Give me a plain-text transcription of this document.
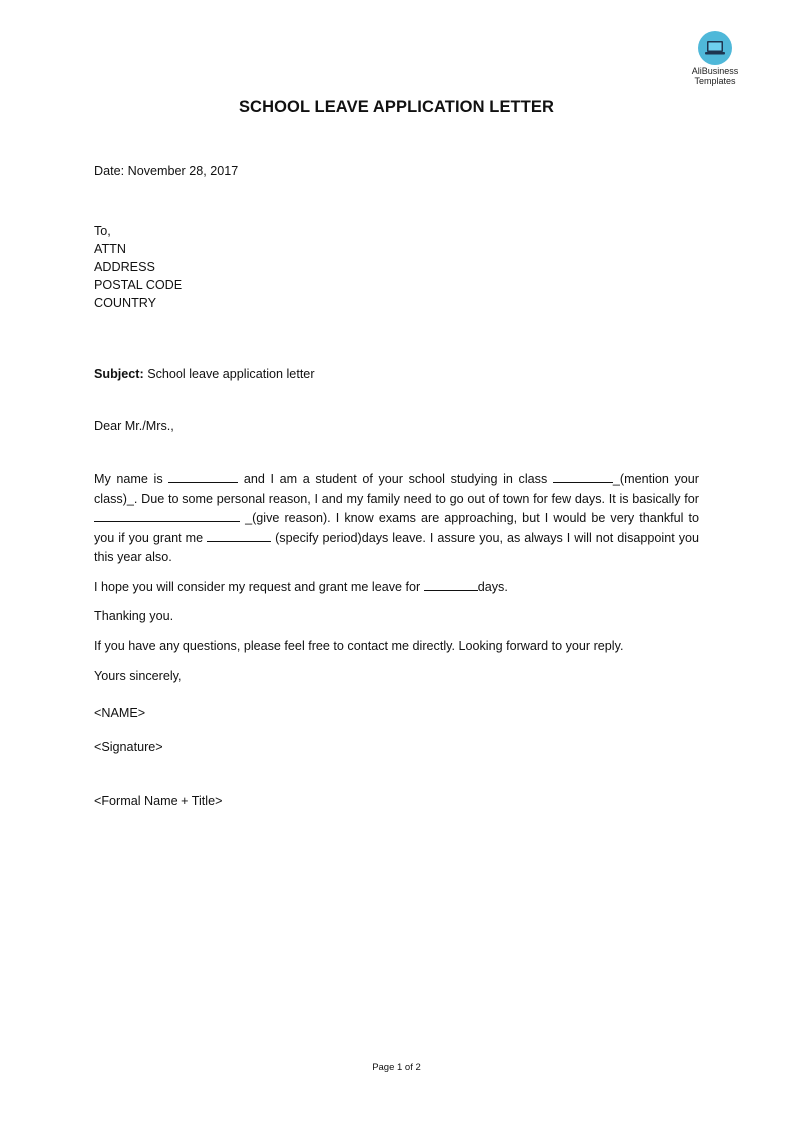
AliBusiness
Templates
SCHOOL LEAVE APPLICATION LETTER
Date: November 28, 2017
To,
ATTN
ADDRESS
POSTAL CODE
COUNTRY
Subject: School leave application letter
Dear Mr./Mrs.,
My name is	and I am a student of your school studying in class	_(mention your class)_. Due to some personal reason, I and my family need to go out of town for few days. It is basically for  _(give reason). I know exams are approaching, but I would be very thankful to you if you grant me	(specify period)days leave. I assure you, as always I will not disappoint you this year also.
I hope you will consider my request and grant me leave for	days.
Thanking you.
If you have any questions, please feel free to contact me directly. Looking forward to your reply.
Yours sincerely,
<NAME>
<Signature>
<Formal Name + Title>
Page 1 of 2
